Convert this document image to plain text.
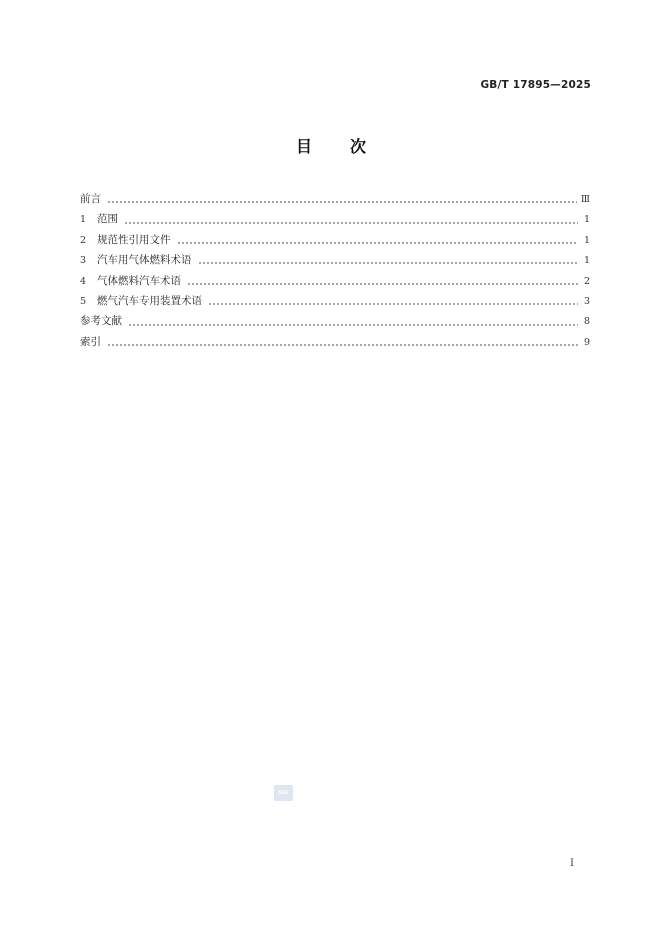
GB/T 17895—2025
目 次
前言	Ⅲ
1	范围	1
2	规范性引用文件	1
3	汽车用气体燃料术语	1
4	气体燃料汽车术语	2
5	燃气汽车专用装置术语	3
参考文献	8
索引	9
SAC
I
